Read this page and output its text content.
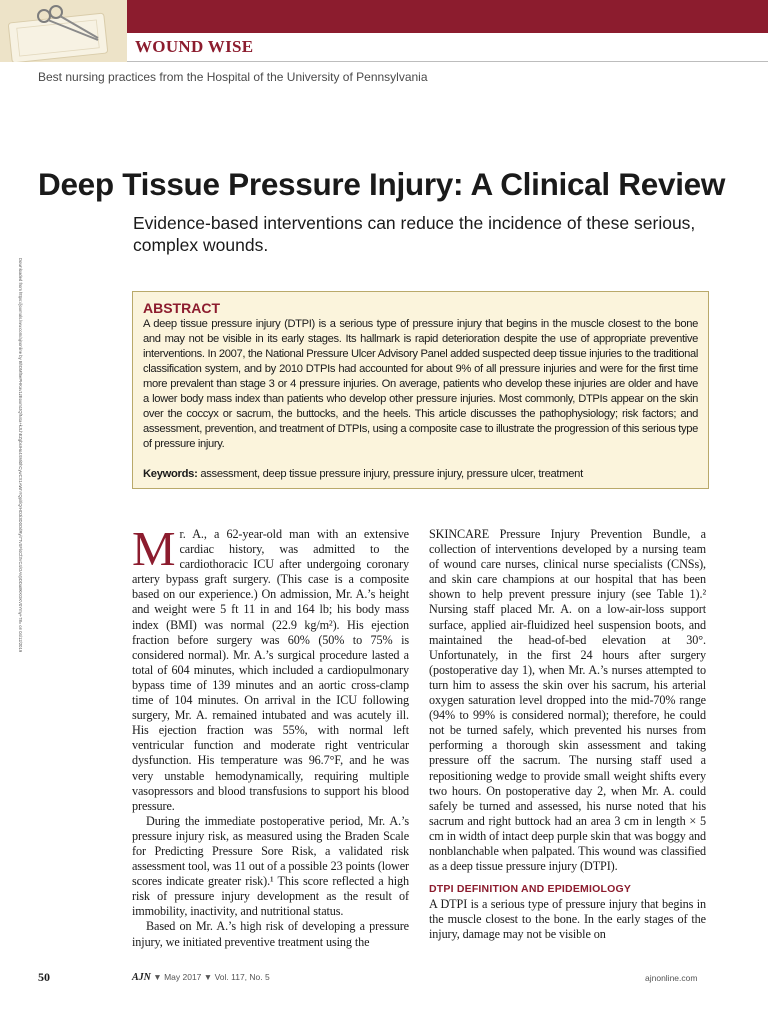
WOUND WISE
Best nursing practices from the Hospital of the University of Pennsylvania
Downloaded from https://journals.lww.com/ajnonline by BhDMf5ePHKav1zEoum1tQfN4a+kJLhEZgbsIHo4XMi0hCywCX1AWnYQp/IlQrHD3i3D0OdRyi7TvSFl4Cf3VC4/OAVpDDa8KKGKV0Ymy+78= on 04/12/2019
Deep Tissue Pressure Injury: A Clinical Review
Evidence-based interventions can reduce the incidence of these serious, complex wounds.
ABSTRACT
A deep tissue pressure injury (DTPI) is a serious type of pressure injury that begins in the muscle closest to the bone and may not be visible in its early stages. Its hallmark is rapid deterioration despite the use of appropriate preventive interventions. In 2007, the National Pressure Ulcer Advisory Panel added suspected deep tissue injuries to the traditional classification system, and by 2010 DTPIs had accounted for about 9% of all pressure injuries and were for the first time more prevalent than stage 3 or 4 pressure injuries. On average, patients who develop these injuries are older and have a lower body mass index than patients who develop other pressure injuries. Most commonly, DTPIs appear on the skin over the coccyx or sacrum, the buttocks, and the heels. This article discusses the pathophysiology; risk factors; and assessment, prevention, and treatment of DTPIs, using a composite case to illustrate the progression of this serious type of pressure injury.
Keywords: assessment, deep tissue pressure injury, pressure injury, pressure ulcer, treatment

Mr. A., a 62-year-old man with an extensive cardiac history, was admitted to the cardiothoracic ICU after undergoing coronary artery bypass graft surgery. (This case is a composite based on our experience.) On admission, Mr. A.’s height and weight were 5 ft 11 in and 164 lb; his body mass index (BMI) was normal (22.9 kg/m²). His ejection fraction before surgery was 60% (50% to 75% is considered normal). Mr. A.’s surgical procedure lasted a total of 604 minutes, which included a cardiopulmonary bypass time of 139 minutes and an aortic cross-clamp time of 104 minutes. On arrival in the ICU following surgery, Mr. A. remained intubated and was acutely ill. His ejection fraction was 55%, with normal left ventricular function and moderate right ventricular dysfunction. His temperature was 96.7°F, and he was very unstable hemodynamically, requiring multiple vasopressors and blood transfusions to support his blood pressure.

During the immediate postoperative period, Mr. A.’s pressure injury risk, as measured using the Braden Scale for Predicting Pressure Sore Risk, a validated risk assessment tool, was 11 out of a possible 23 points (lower scores indicate greater risk).¹ This score reflected a high risk of pressure injury development as the result of immobility, inactivity, and nutritional status.

Based on Mr. A.’s high risk of developing a pressure injury, we initiated preventive treatment using the

SKINCARE Pressure Injury Prevention Bundle, a collection of interventions developed by a nursing team of wound care nurses, clinical nurse specialists (CNSs), and skin care champions at our hospital that has been shown to help prevent pressure injury (see Table 1).² Nursing staff placed Mr. A. on a low-air-loss support surface, applied air-fluidized heel suspension boots, and maintained the head-of-bed elevation at 30°. Unfortunately, in the first 24 hours after surgery (postoperative day 1), when Mr. A.’s nurses attempted to turn him to assess the skin over his sacrum, his arterial oxygen saturation level dropped into the mid-70% range (94% to 99% is considered normal); therefore, he could not be turned safely, which prevented his nurses from performing a thorough skin assessment and taking pressure off the sacrum. The nursing staff used a repositioning wedge to provide small weight shifts every two hours. On postoperative day 2, when Mr. A. could safely be turned and assessed, his nurse noted that his sacrum and right buttock had an area 3 cm in length × 5 cm in width of intact deep purple skin that was boggy and nonblanchable when palpated. This wound was classified as a deep tissue pressure injury (DTPI).

DTPI DEFINITION AND EPIDEMIOLOGY

A DTPI is a serious type of pressure injury that begins in the muscle closest to the bone. In the early stages of the injury, damage may not be visible on

50	AJN ▼ May 2017 ▼ Vol. 117, No. 5	ajnonline.com
